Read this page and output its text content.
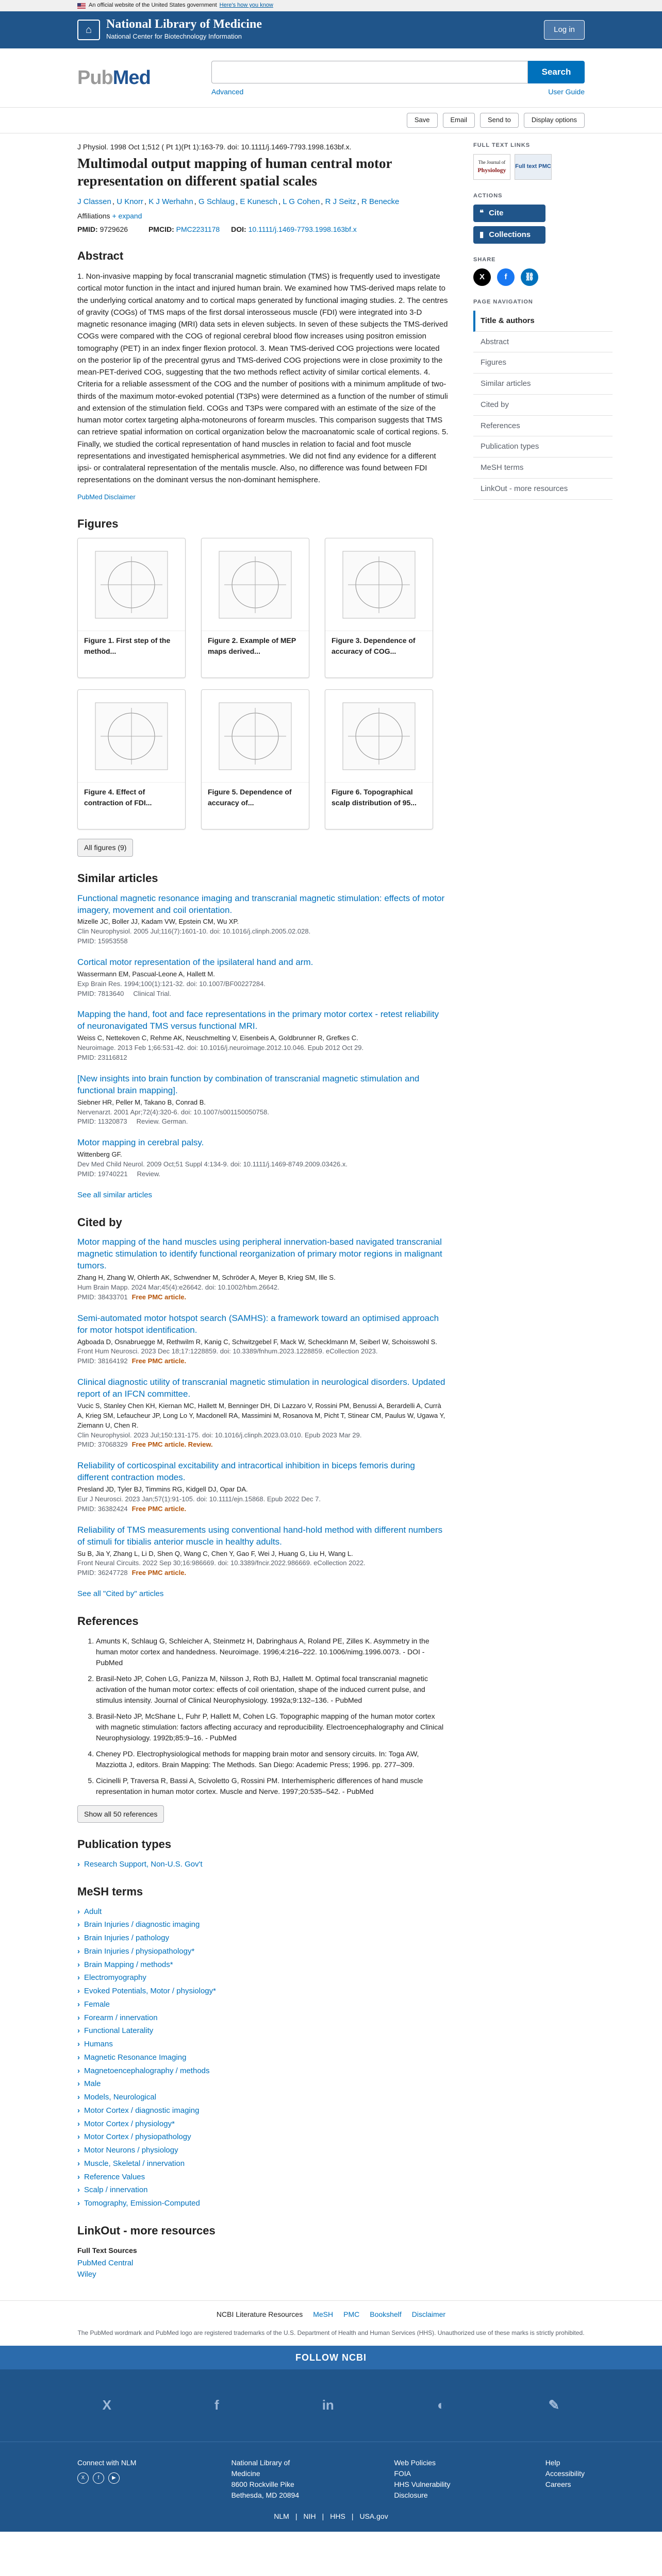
An official website of the United States government Here's how you know
⌂	National Library of Medicine
National Center for Biotechnology Information
Log in
PubMed	Search
Advanced	User Guide
Save	Email	Send to	Display options
J Physiol. 1998 Oct 1;512 ( Pt 1)(Pt 1):163-79. doi: 10.1111/j.1469-7793.1998.163bf.x.
Multimodal output mapping of human central motor representation on different spatial scales
J Classen , U Knorr , K J Werhahn , G Schlaug , E Kunesch , L G Cohen , R J Seitz , R Benecke
Affiliations + expand
PMID: 9729626	PMCID: PMC2231178 DOI: 10.1111/j.1469-7793.1998.163bf.x
Abstract

1. Non-invasive mapping by focal transcranial magnetic stimulation (TMS) is frequently used to investigate cortical motor function in the intact and injured human brain. We examined how TMS-derived maps relate to the underlying cortical anatomy and to cortical maps generated by functional imaging studies. 2. The centres of gravity (COGs) of TMS maps of the first dorsal interosseous muscle (FDI) were integrated into 3-D magnetic resonance imaging (MRI) data sets in eleven subjects. In seven of these subjects the TMS-derived COGs were compared with the COG of regional cerebral blood flow increases using positron emission tomography (PET) in an index finger flexion protocol. 3. Mean TMS-derived COG projections were located on the posterior lip of the precentral gyrus and TMS-derived COG projections were in close proximity to the mean-PET-derived COG, suggesting that the two methods reflect activity of similar cortical elements. 4. Criteria for a reliable assessment of the COG and the number of positions with a minimum amplitude of two-thirds of the maximum motor-evoked potential (T3Ps) were determined as a function of the number of stimuli and extension of the stimulation field. COGs and T3Ps were compared with an estimate of the size of the human motor cortex targeting alpha-motoneurons of forearm muscles. This comparison suggests that TMS can retrieve spatial information on cortical organization below the macroanatomic scale of cortical regions. 5. Finally, we studied the cortical representation of hand muscles in relation to facial and foot muscle representations and investigated hemispherical asymmetries. We did not find any evidence for a different ipsi- or contralateral representation of the mentalis muscle. Also, no difference was found between FDI representations on the dominant versus the non-dominant hemisphere.

PubMed Disclaimer
Figures
Figure 1. First step of the method...
Figure 2. Example of MEP maps derived...
Figure 3. Dependence of accuracy of COG...
Figure 4. Effect of contraction of FDI...
Figure 5. Dependence of accuracy of...
Figure 6. Topographical scalp distribution of 95...
All figures (9)
Similar articles
Functional magnetic resonance imaging and transcranial magnetic stimulation: effects of motor imagery, movement and coil orientation.
Mizelle JC, Boller JJ, Kadam VW, Epstein CM, Wu XP.
Clin Neurophysiol. 2005 Jul;116(7):1601-10. doi: 10.1016/j.clinph.2005.02.028.
PMID: 15953558
Cortical motor representation of the ipsilateral hand and arm.
Wassermann EM, Pascual-Leone A, Hallett M.
Exp Brain Res. 1994;100(1):121-32. doi: 10.1007/BF00227284.
PMID: 7813640 Clinical Trial.
Mapping the hand, foot and face representations in the primary motor cortex - retest reliability of neuronavigated TMS versus functional MRI.
Weiss C, Nettekoven C, Rehme AK, Neuschmelting V, Eisenbeis A, Goldbrunner R, Grefkes C.
Neuroimage. 2013 Feb 1;66:531-42. doi: 10.1016/j.neuroimage.2012.10.046. Epub 2012 Oct 29.
PMID: 23116812
[New insights into brain function by combination of transcranial magnetic stimulation and functional brain mapping].
Siebner HR, Peller M, Takano B, Conrad B.
Nervenarzt. 2001 Apr;72(4):320-6. doi: 10.1007/s001150050758.
PMID: 11320873 Review. German.
Motor mapping in cerebral palsy.
Wittenberg GF.
Dev Med Child Neurol. 2009 Oct;51 Suppl 4:134-9. doi: 10.1111/j.1469-8749.2009.03426.x.
PMID: 19740221 Review.
See all similar articles
Cited by
Motor mapping of the hand muscles using peripheral innervation-based navigated transcranial magnetic stimulation to identify functional reorganization of primary motor regions in malignant tumors.
Zhang H, Zhang W, Ohlerth AK, Schwendner M, Schröder A, Meyer B, Krieg SM, Ille S.
Hum Brain Mapp. 2024 Mar;45(4):e26642. doi: 10.1002/hbm.26642.
PMID: 38433701 Free PMC article.
Semi-automated motor hotspot search (SAMHS): a framework toward an optimised approach for motor hotspot identification.
Agboada D, Osnabruegge M, Rethwilm R, Kanig C, Schwitzgebel F, Mack W, Schecklmann M, Seiberl W, Schoisswohl S.
Front Hum Neurosci. 2023 Dec 18;17:1228859. doi: 10.3389/fnhum.2023.1228859. eCollection 2023.
PMID: 38164192 Free PMC article.
Clinical diagnostic utility of transcranial magnetic stimulation in neurological disorders. Updated report of an IFCN committee.
Vucic S, Stanley Chen KH, Kiernan MC, Hallett M, Benninger DH, Di Lazzaro V, Rossini PM, Benussi A, Berardelli A, Currà A, Krieg SM, Lefaucheur JP, Long Lo Y, Macdonell RA, Massimini M, Rosanova M, Picht T, Stinear CM, Paulus W, Ugawa Y, Ziemann U, Chen R.
Clin Neurophysiol. 2023 Jul;150:131-175. doi: 10.1016/j.clinph.2023.03.010. Epub 2023 Mar 29.
PMID: 37068329 Free PMC article. Review.
Reliability of corticospinal excitability and intracortical inhibition in biceps femoris during different contraction modes.
Presland JD, Tyler BJ, Timmins RG, Kidgell DJ, Opar DA.
Eur J Neurosci. 2023 Jan;57(1):91-105. doi: 10.1111/ejn.15868. Epub 2022 Dec 7.
PMID: 36382424 Free PMC article.
Reliability of TMS measurements using conventional hand-hold method with different numbers of stimuli for tibialis anterior muscle in healthy adults.
Su B, Jia Y, Zhang L, Li D, Shen Q, Wang C, Chen Y, Gao F, Wei J, Huang G, Liu H, Wang L.
Front Neural Circuits. 2022 Sep 30;16:986669. doi: 10.3389/fncir.2022.986669. eCollection 2022.
PMID: 36247728 Free PMC article.
See all "Cited by" articles
References
1. Amunts K, Schlaug G, Schleicher A, Steinmetz H, Dabringhaus A, Roland PE, Zilles K. Asymmetry in the human motor cortex and handedness. Neuroimage. 1996;4:216–222. 10.1006/nimg.1996.0073. - DOI - PubMed
2. Brasil-Neto JP, Cohen LG, Panizza M, Nilsson J, Roth BJ, Hallett M. Optimal focal transcranial magnetic activation of the human motor cortex: effects of coil orientation, shape of the induced current pulse, and stimulus intensity. Journal of Clinical Neurophysiology. 1992a;9:132–136. - PubMed
3. Brasil-Neto JP, McShane L, Fuhr P, Hallett M, Cohen LG. Topographic mapping of the human motor cortex with magnetic stimulation: factors affecting accuracy and reproducibility. Electroencephalography and Clinical Neurophysiology. 1992b;85:9–16. - PubMed
4. Cheney PD. Electrophysiological methods for mapping brain motor and sensory circuits. In: Toga AW, Mazziotta J, editors. Brain Mapping: The Methods. San Diego: Academic Press; 1996. pp. 277–309.
5. Cicinelli P, Traversa R, Bassi A, Scivoletto G, Rossini PM. Interhemispheric differences of hand muscle representation in human motor cortex. Muscle and Nerve. 1997;20:535–542. - PubMed
Show all 50 references
Publication types
› Research Support, Non-U.S. Gov't
MeSH terms
› Adult
› Brain Injuries / diagnostic imaging
› Brain Injuries / pathology
› Brain Injuries / physiopathology*
› Brain Mapping / methods*
› Electromyography
› Evoked Potentials, Motor / physiology*
› Female
› Forearm / innervation
› Functional Laterality
› Humans
› Magnetic Resonance Imaging
› Magnetoencephalography / methods
› Male
› Models, Neurological
› Motor Cortex / diagnostic imaging
› Motor Cortex / physiology*
› Motor Cortex / physiopathology
› Motor Neurons / physiology
› Muscle, Skeletal / innervation
› Reference Values
› Scalp / innervation
› Tomography, Emission-Computed
LinkOut - more resources
Full Text Sources
PubMed Central
Wiley
FULL TEXT LINKS
The Journal of
Physiology Full text PMC
ACTIONS
❝ Cite
▮ Collections
SHARE
X	f	⛓
PAGE NAVIGATION
Title & authors
Abstract
Figures
Similar articles
Cited by
References
Publication types
MeSH terms
LinkOut - more resources
NCBI Literature Resources MeSH PMC Bookshelf Disclaimer
The PubMed wordmark and PubMed logo are registered trademarks of the U.S. Department of Health and Human Services (HHS). Unauthorized use of these marks is strictly prohibited.
FOLLOW NCBI
X	f	in	◐	✎
Connect with NLM
X	f	▶
National Library of
Medicine
8600 Rockville Pike
Bethesda, MD 20894
Web Policies
FOIA
HHS Vulnerability
Disclosure
Help
Accessibility
Careers
NLM | NIH | HHS | USA.gov
